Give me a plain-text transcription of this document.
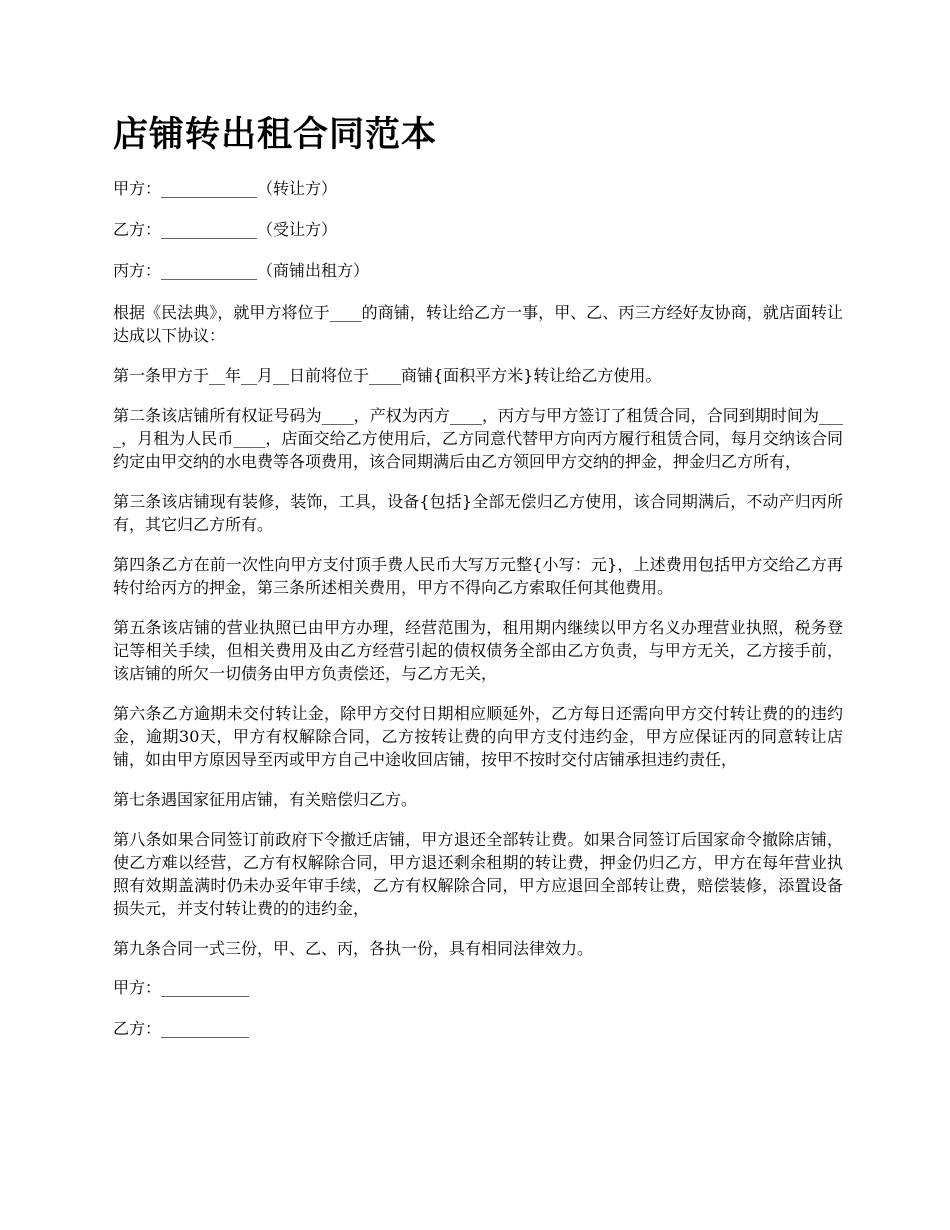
店铺转出租合同范本

甲方：____________（转让方）

乙方：____________（受让方）

丙方：____________（商铺出租方）

根据《民法典》，就甲方将位于____的商铺，转让给乙方一事，甲、乙、丙三方经好友协商，就店面转让达成以下协议：

第一条甲方于__年__月__日前将位于____商铺{面积平方米}转让给乙方使用。

第二条该店铺所有权证号码为____，产权为丙方____，丙方与甲方签订了租赁合同，合同到期时间为____，月租为人民币____，店面交给乙方使用后，乙方同意代替甲方向丙方履行租赁合同，每月交纳该合同约定由甲交纳的水电费等各项费用，该合同期满后由乙方领回甲方交纳的押金，押金归乙方所有，

第三条该店铺现有装修，装饰，工具，设备{包括}全部无偿归乙方使用，该合同期满后，不动产归丙所有，其它归乙方所有。

第四条乙方在前一次性向甲方支付顶手费人民币大写万元整{小写：元}，上述费用包括甲方交给乙方再转付给丙方的押金，第三条所述相关费用，甲方不得向乙方索取任何其他费用。

第五条该店铺的营业执照已由甲方办理，经营范围为，租用期内继续以甲方名义办理营业执照，税务登记等相关手续，但相关费用及由乙方经营引起的债权债务全部由乙方负责，与甲方无关，乙方接手前，该店铺的所欠一切债务由甲方负责偿还，与乙方无关，

第六条乙方逾期未交付转让金，除甲方交付日期相应顺延外，乙方每日还需向甲方交付转让费的的违约金，逾期30天，甲方有权解除合同，乙方按转让费的向甲方支付违约金，甲方应保证丙的同意转让店铺，如由甲方原因导至丙或甲方自己中途收回店铺，按甲不按时交付店铺承担违约责任，

第七条遇国家征用店铺，有关赔偿归乙方。

第八条如果合同签订前政府下令撤迁店铺，甲方退还全部转让费。如果合同签订后国家命令撤除店铺，使乙方难以经营，乙方有权解除合同，甲方退还剩余租期的转让费，押金仍归乙方，甲方在每年营业执照有效期盖满时仍未办妥年审手续，乙方有权解除合同，甲方应退回全部转让费，赔偿装修，添置设备损失元，并支付转让费的的违约金，

第九条合同一式三份，甲、乙、丙，各执一份，具有相同法律效力。

甲方：___________

乙方：___________
